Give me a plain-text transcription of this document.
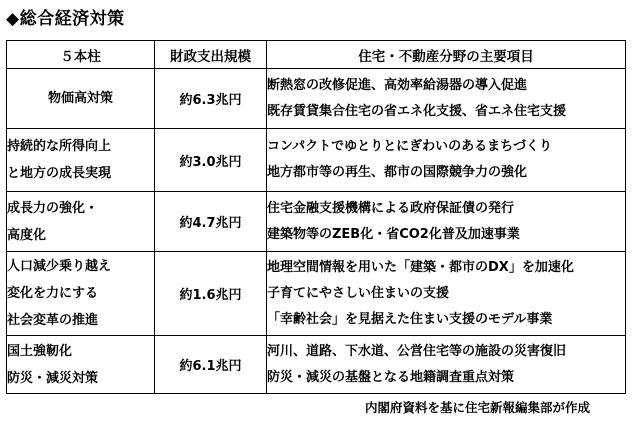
◆総合経済対策
５本柱	財政支出規模	住宅・不動産分野の主要項目

物価高対策	約6.3兆円	断熱窓の改修促進、高効率給湯器の導入促進
既存賃貸集合住宅の省エネ化支援、省エネ住宅支援

持続的な所得向上
と地方の成長実現	約3.0兆円	コンパクトでゆとりとにぎわいのあるまちづくり
地方都市等の再生、都市の国際競争力の強化

成長力の強化・
高度化	約4.7兆円	住宅金融支援機構による政府保証債の発行
建築物等のZEB化・省CO2化普及加速事業

人口減少乗り越え
変化を力にする
社会変革の推進	約1.6兆円	地理空間情報を用いた「建築・都市のDX」を加速化
子育てにやさしい住まいの支援
「幸齢社会」を見据えた住まい支援のモデル事業

国土強靭化
防災・減災対策	約6.1兆円	河川、道路、下水道、公営住宅等の施設の災害復旧
防災・減災の基盤となる地籍調査重点対策
内閣府資料を基に住宅新報編集部が作成
